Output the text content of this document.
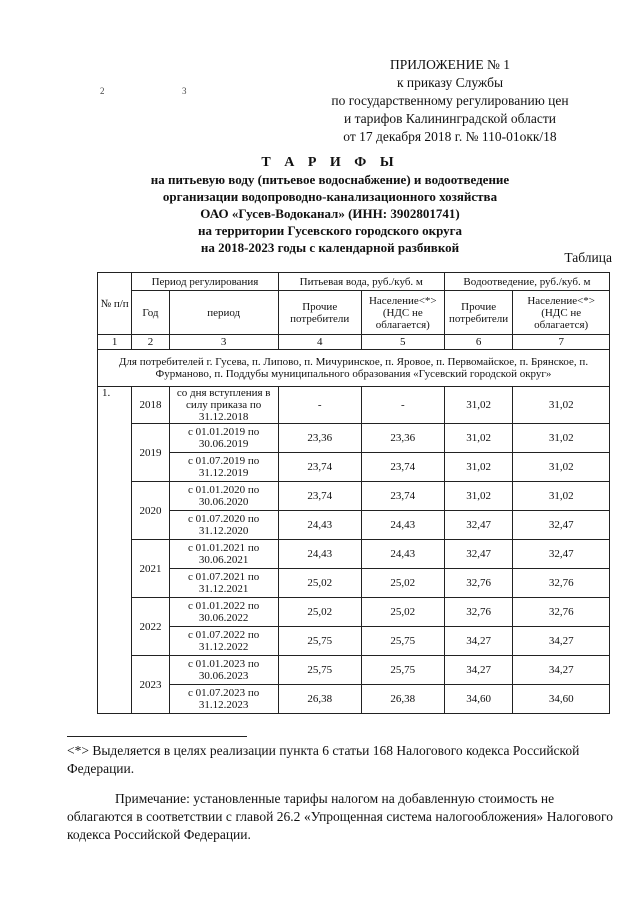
2	3
ПРИЛОЖЕНИЕ № 1
к приказу Службы
по государственному регулированию цен
и тарифов Калининградской области
от 17 декабря 2018 г. № 110-01окк/18
Т А Р И Ф Ы
на питьевую воду (питьевое водоснабжение) и водоотведение
организации водопроводно-канализационного хозяйства
ОАО «Гусев-Водоканал» (ИНН: 3902801741)
на территории Гусевского городского округа
на 2018-2023 годы с календарной разбивкой
Таблица
№ п/п	Период регулирования		Питьевая вода, руб./куб. м		Водоотведение, руб./куб. м	
	Год	период	Прочие потребители	Население<*> (НДС не облагается)	Прочие потребители	Население<*> (НДС не облагается)
1	2	3	4	5	6	7
Для потребителей г. Гусева, п. Липово, п. Мичуринское, п. Яровое, п. Первомайское, п. Брянское, п. Фурманово, п. Поддубы муниципального образования «Гусевский городской округ»						
1.	2018	со дня вступления в силу приказа по 31.12.2018	-	-	31,02	31,02
	2019	с 01.01.2019 по 30.06.2019	23,36	23,36	31,02	31,02
		с 01.07.2019 по 31.12.2019	23,74	23,74	31,02	31,02
	2020	с 01.01.2020 по 30.06.2020	23,74	23,74	31,02	31,02
		с 01.07.2020 по 31.12.2020	24,43	24,43	32,47	32,47
	2021	с 01.01.2021 по 30.06.2021	24,43	24,43	32,47	32,47
		с 01.07.2021 по 31.12.2021	25,02	25,02	32,76	32,76
	2022	с 01.01.2022 по 30.06.2022	25,02	25,02	32,76	32,76
		с 01.07.2022 по 31.12.2022	25,75	25,75	34,27	34,27
	2023	с 01.01.2023 по 30.06.2023	25,75	25,75	34,27	34,27
		с 01.07.2023 по 31.12.2023	26,38	26,38	34,60	34,60
<*> Выделяется в целях реализации пункта 6 статьи 168 Налогового кодекса Российской Федерации.
Примечание: установленные тарифы налогом на добавленную стоимость не
облагаются в соответствии с главой 26.2 «Упрощенная система налогообложения» Налогового кодекса Российской Федерации.
